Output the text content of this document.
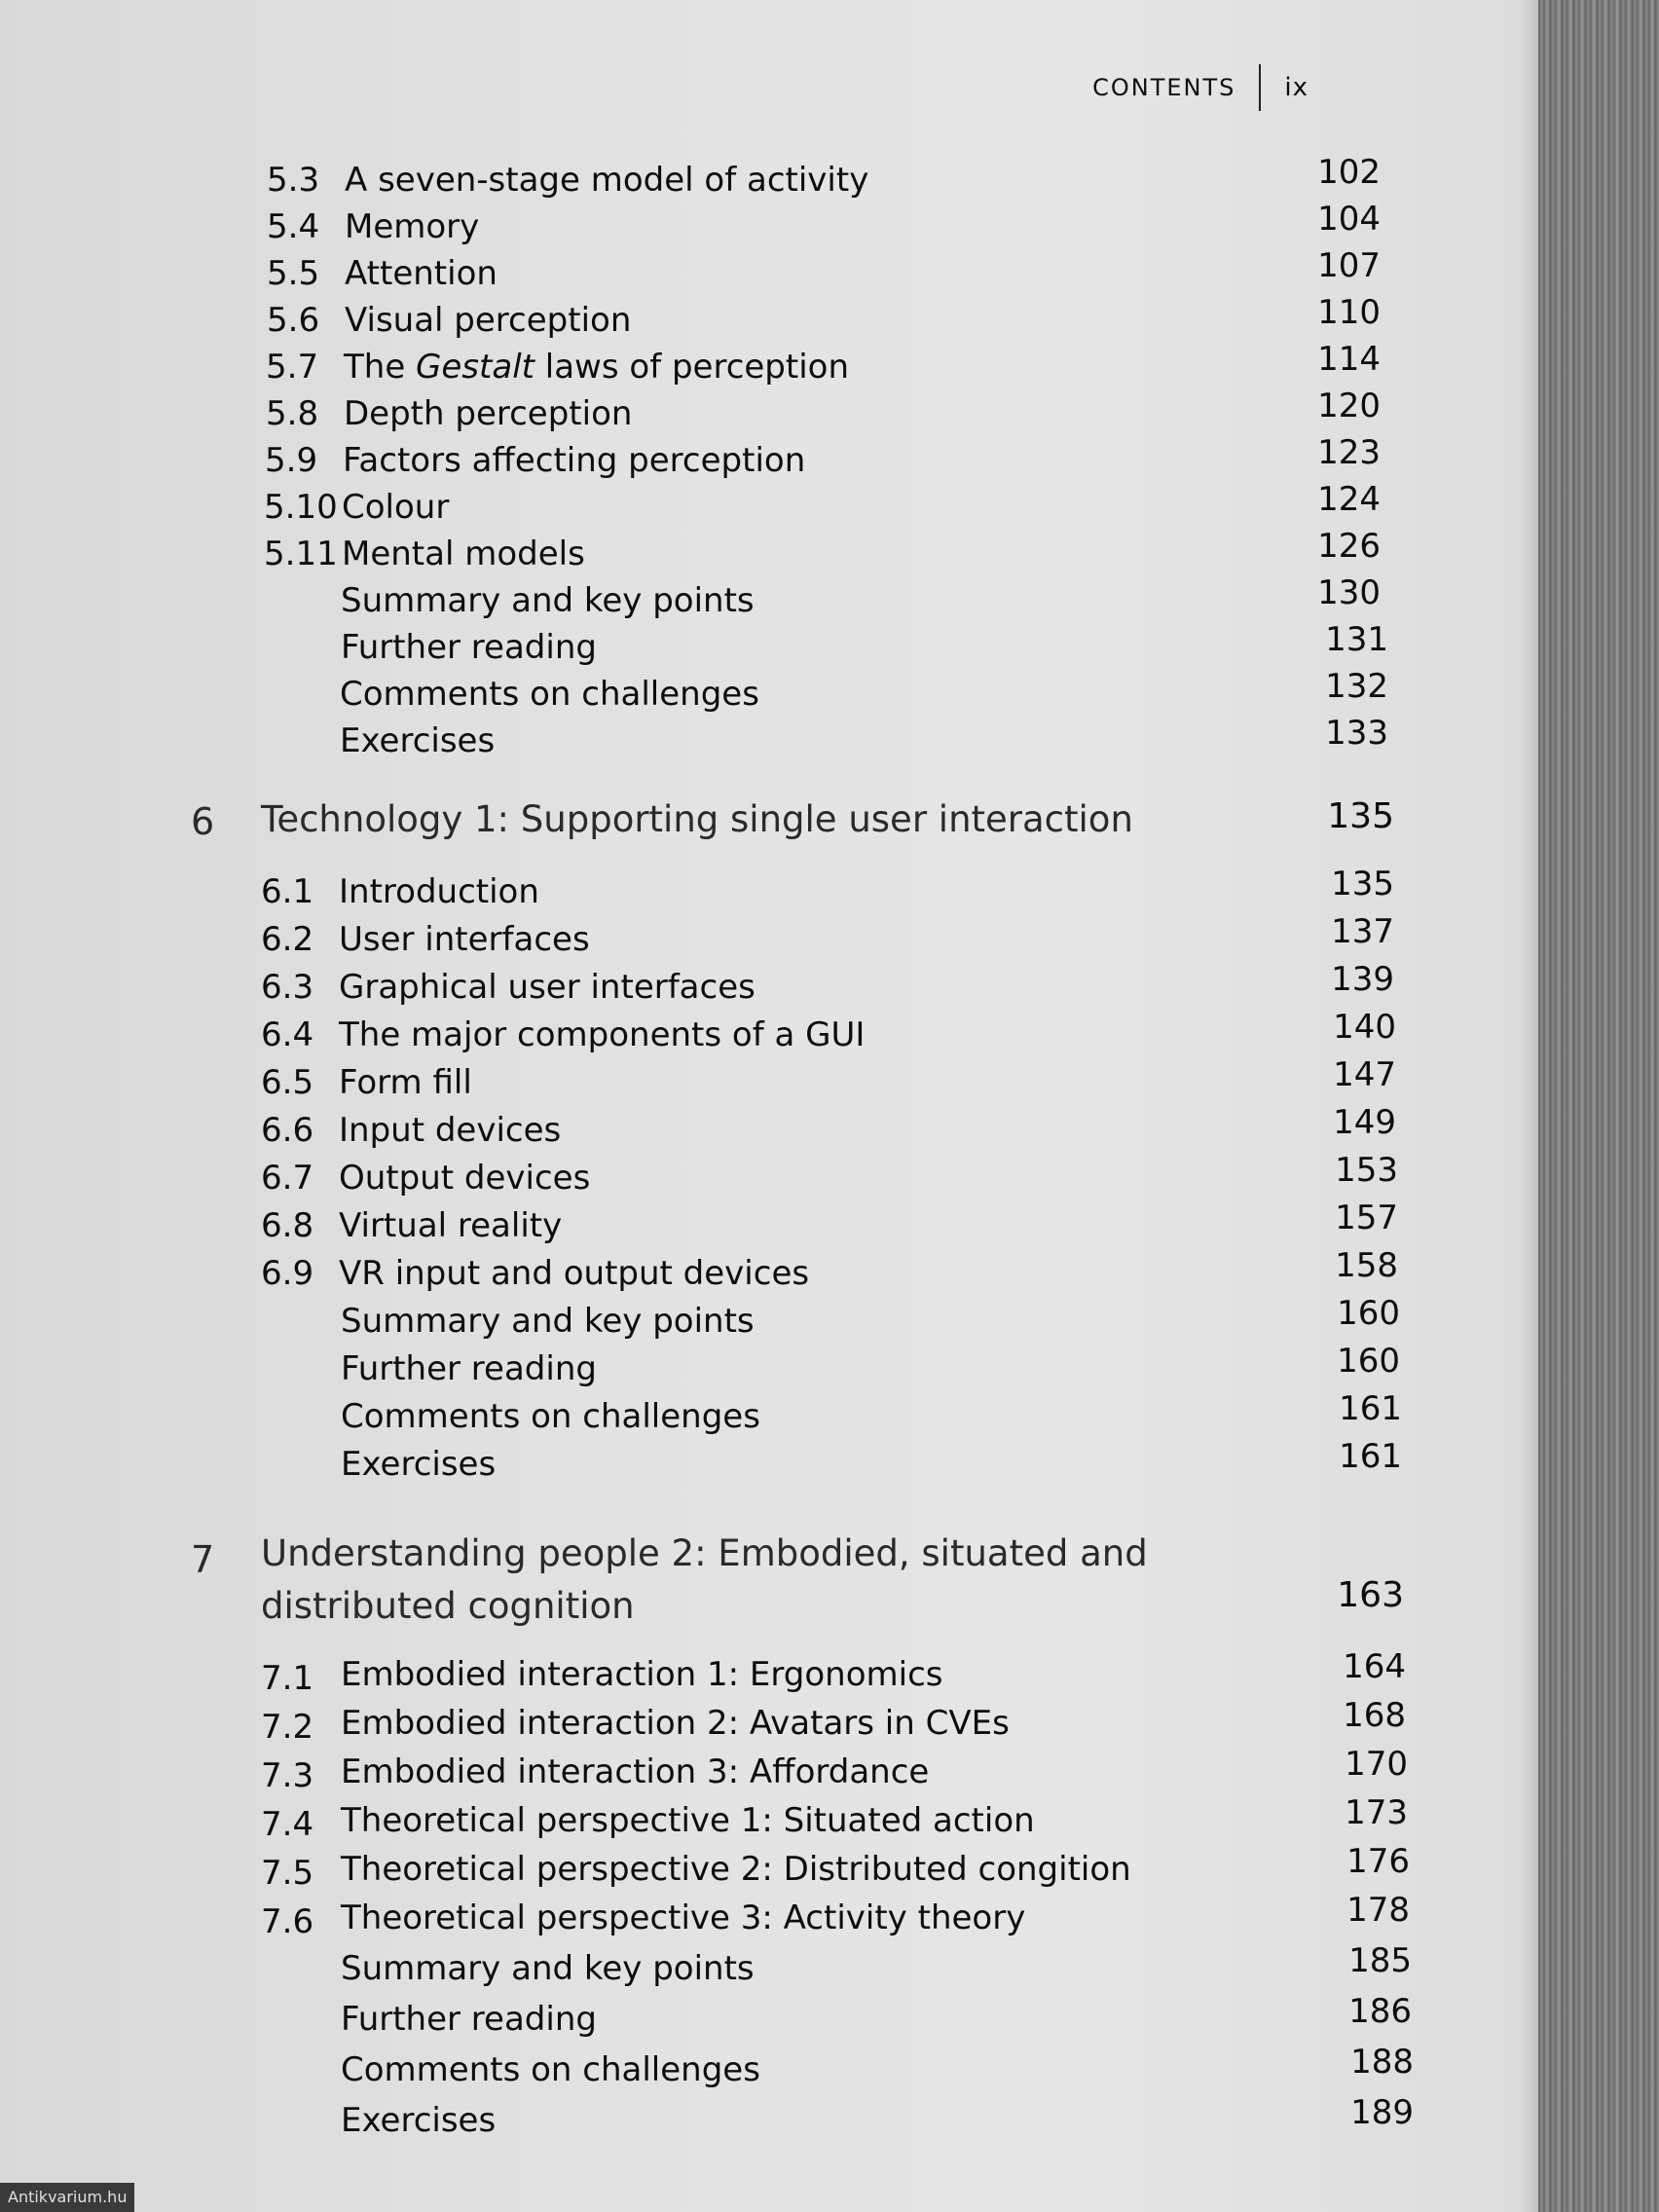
CONTENTS ix
5.3 A seven-stage model of activity	102
5.4 Memory	104
5.5 Attention	107
5.6 Visual perception	110
5.7 The Gestalt laws of perception	114
5.8 Depth perception	120
5.9 Factors affecting perception	123
5.10 Colour	124
5.11 Mental models	126
Summary and key points	130
Further reading	131
Comments on challenges	132
Exercises	133
6 Technology 1: Supporting single user interaction	135
6.1 Introduction	135
6.2 User interfaces	137
6.3 Graphical user interfaces	139
6.4 The major components of a GUI	140
6.5 Form fill	147
6.6 Input devices	149
6.7 Output devices	153
6.8 Virtual reality	157
6.9 VR input and output devices	158
Summary and key points	160
Further reading	160
Comments on challenges	161
Exercises	161
7 Understanding people 2: Embodied, situated and
distributed cognition	163
7.1 Embodied interaction 1: Ergonomics	164
7.2 Embodied interaction 2: Avatars in CVEs	168
7.3 Embodied interaction 3: Affordance	170
7.4 Theoretical perspective 1: Situated action	173
7.5 Theoretical perspective 2: Distributed congition	176
7.6 Theoretical perspective 3: Activity theory	178
Summary and key points	185
Further reading	186
Comments on challenges	188
Exercises	189
Antikvarium.hu
